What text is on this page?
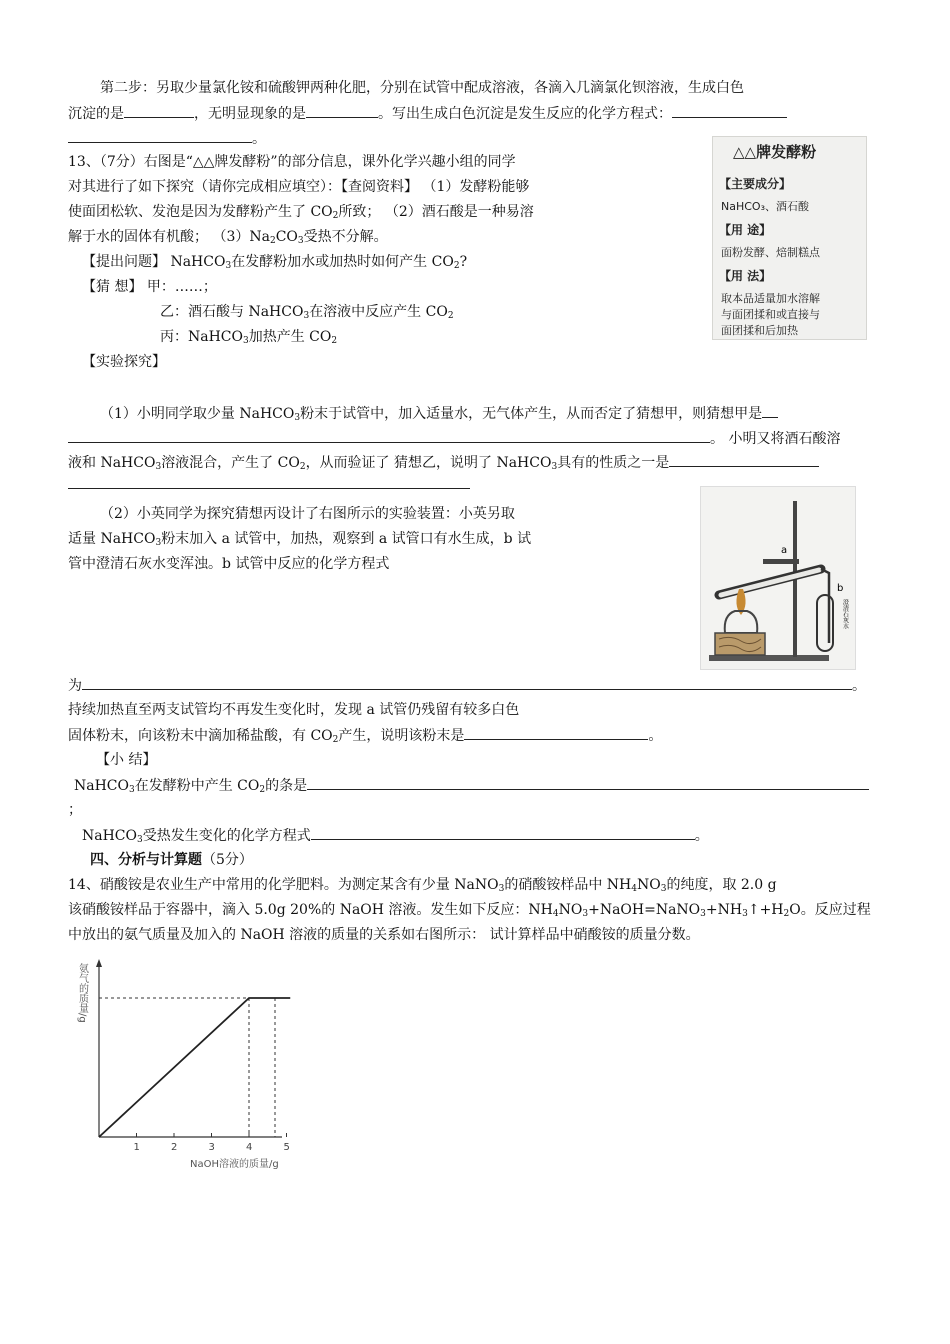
第二步：另取少量氯化铵和硫酸钾两种化肥，分别在试管中配成溶液，各滴入几滴氯化钡溶液，生成白色
沉淀的是	，无明显现象的是	。写出生成白色沉淀是发生反应的化学方程式：
。
13、（7分）右图是“△△牌发酵粉”的部分信息，课外化学兴趣小组的同学
对其进行了如下探究（请你完成相应填空）：【查阅资料】 （1）发酵粉能够
使面团松软、发泡是因为发酵粉产生了 $CO_2$所致； （2）酒石酸是一种易溶
解于水的固体有机酸； $(3)Na_2CO_3$受热不分解。
【提出问题】 NaHCO$_3$在发酵粉加水或加热时如何产生 $CO_2$?
【猜 想】 甲：……；
乙：酒石酸与 NaHCO$_3$在溶液中反应产生 $CO_2$
丙：NaHCO$_3$加热产生 $CO_2$
【实验探究】
（1）小明同学取少量 NaHCO$_3$粉末于试管中，加入适量水，无气体产生，从而否定了猜想甲，则猜想甲是
。 小明又将酒石酸溶
液和 NaHCO$_3$溶液混合，产生了 $CO_2$，从而验证了 猜想乙，说明了 NaHCO$_3$具有的性质之一是
（2）小英同学为探究猜想丙设计了右图所示的实验装置：小英另取
适量 NaHCO$_3$粉末加入 a 试管中，加热，观察到 a 试管口有水生成，b 试
管中澄清石灰水变浑浊。b 试管中反应的化学方程式
为	。
持续加热直至两支试管均不再发生变化时，发现 a 试管仍残留有较多白色
固体粉末，向该粉末中滴加稀盐酸，有 $CO_2$产生，说明该粉末是	。
【小 结】
NaHCO$_3$在发酵粉中产生 $CO_2$的条是
；
NaHCO$_3$受热发生变化的化学方程式	。
四、分析与计算题（5分）
14、硝酸铵是农业生产中常用的化学肥料。为测定某含有少量 NaNO$_3$的硝酸铵样品中 $NH_4NO_3$的纯度，取 2.0 g
该硝酸铵样品于容器中，滴入 5.0g 20%的 NaOH 溶液。发生如下反应：$NH_4NO_3+NaOH=NaNO_3+NH_3↑+H_2O$。反应过程
中放出的氨气质量及加入的 NaOH 溶液的质量的关系如右图所示： 试计算样品中硝酸铵的质量分数。
△△牌发酵粉
【主要成分】
NaHCO₃、酒石酸
【用 途】
面粉发酵、焙制糕点
【用 法】
取本品适量加水溶解
与面团揉和或直接与
面团揉和后加热
a
b
澄清石灰水
1	2	3	4	5
氨气的质量/g
NaOH溶液的质量/g
